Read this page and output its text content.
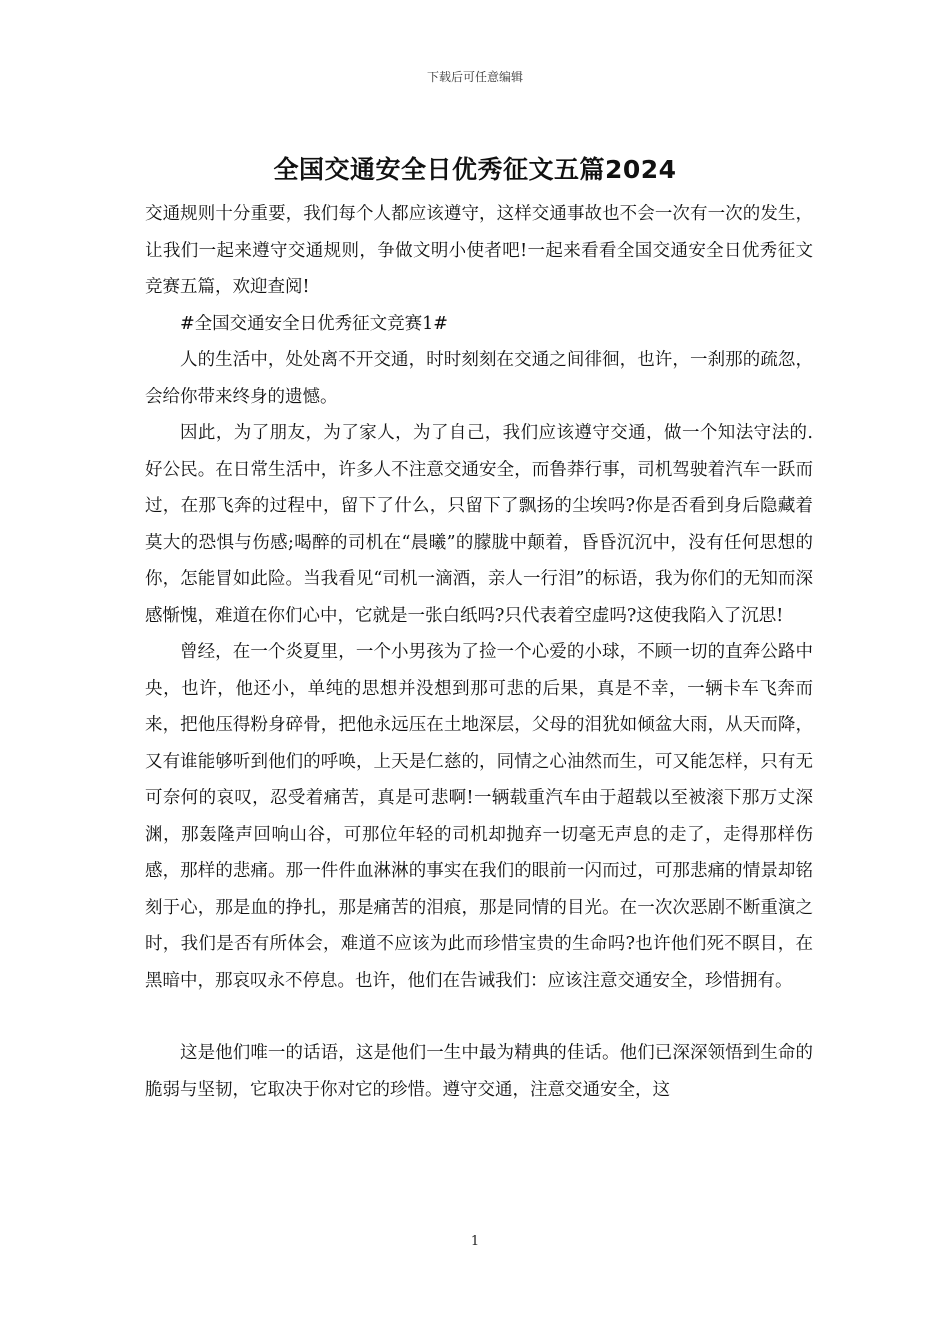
下载后可任意编辑
全国交通安全日优秀征文五篇2024

交通规则十分重要，我们每个人都应该遵守，这样交通事故也不会一次有一次的发生，让我们一起来遵守交通规则，争做文明小使者吧!一起来看看全国交通安全日优秀征文竞赛五篇，欢迎查阅!

#全国交通安全日优秀征文竞赛1#

人的生活中，处处离不开交通，时时刻刻在交通之间徘徊，也许，一刹那的疏忽，会给你带来终身的遗憾。

因此，为了朋友，为了家人，为了自己，我们应该遵守交通，做一个知法守法的.好公民。在日常生活中，许多人不注意交通安全，而鲁莽行事，司机驾驶着汽车一跃而过，在那飞奔的过程中，留下了什么，只留下了飘扬的尘埃吗?你是否看到身后隐藏着莫大的恐惧与伤感;喝醉的司机在“晨曦”的朦胧中颠着，昏昏沉沉中，没有任何思想的你，怎能冒如此险。当我看见“司机一滴酒，亲人一行泪”的标语，我为你们的无知而深感惭愧，难道在你们心中，它就是一张白纸吗?只代表着空虚吗?这使我陷入了沉思!

曾经，在一个炎夏里，一个小男孩为了捡一个心爱的小球，不顾一切的直奔公路中央，也许，他还小，单纯的思想并没想到那可悲的后果，真是不幸，一辆卡车飞奔而来，把他压得粉身碎骨，把他永远压在土地深层，父母的泪犹如倾盆大雨，从天而降，又有谁能够听到他们的呼唤，上天是仁慈的，同情之心油然而生，可又能怎样，只有无可奈何的哀叹，忍受着痛苦，真是可悲啊!一辆载重汽车由于超载以至被滚下那万丈深渊，那轰隆声回响山谷，可那位年轻的司机却抛弃一切毫无声息的走了，走得那样伤感，那样的悲痛。那一件件血淋淋的事实在我们的眼前一闪而过，可那悲痛的情景却铭刻于心，那是血的挣扎，那是痛苦的泪痕，那是同情的目光。在一次次恶剧不断重演之时，我们是否有所体会，难道不应该为此而珍惜宝贵的生命吗?也许他们死不瞑目，在黑暗中，那哀叹永不停息。也许，他们在告诫我们：应该注意交通安全，珍惜拥有。

这是他们唯一的话语，这是他们一生中最为精典的佳话。他们已深深领悟到生命的脆弱与坚韧，它取决于你对它的珍惜。遵守交通，注意交通安全，这

1
